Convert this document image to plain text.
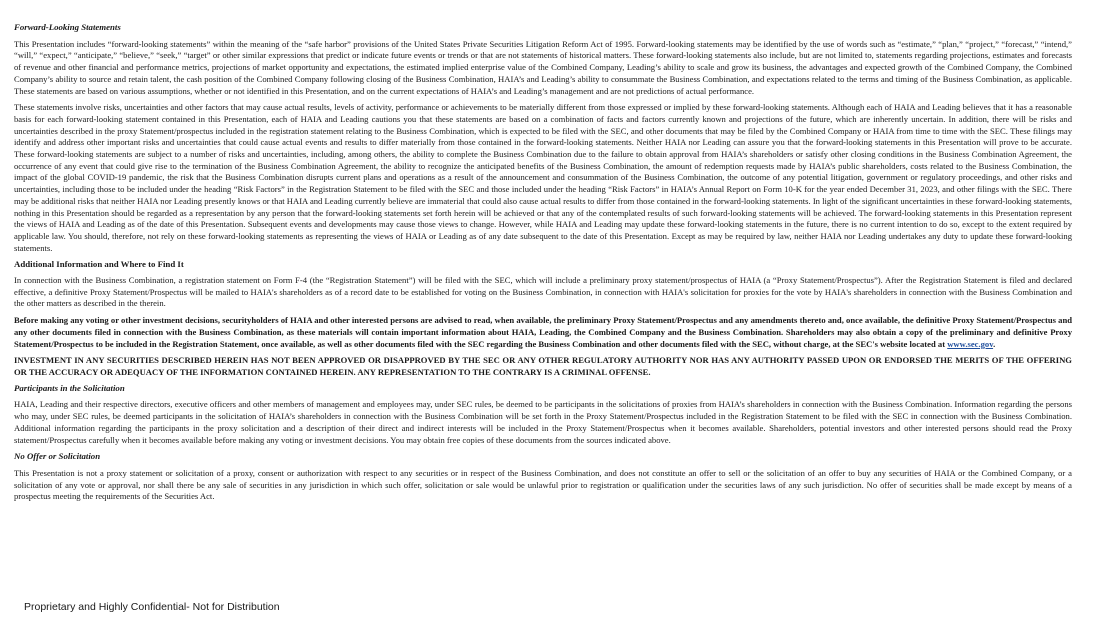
Forward-Looking Statements

This Presentation includes “forward-looking statements” within the meaning of the “safe harbor” provisions of the United States Private Securities Litigation Reform Act of 1995. Forward-looking statements may be identified by the use of words such as “estimate,” “plan,” “project,” “forecast,” “intend,” “will,” “expect,” “anticipate,” “believe,” “seek,” “target” or other similar expressions that predict or indicate future events or trends or that are not statements of historical matters. These forward-looking statements also include, but are not limited to, statements regarding projections, estimates and forecasts of revenue and other financial and performance metrics, projections of market opportunity and expectations, the estimated implied enterprise value of the Combined Company, Leading’s ability to scale and grow its business, the advantages and expected growth of the Combined Company, the Combined Company’s ability to source and retain talent, the cash position of the Combined Company following closing of the Business Combination, HAIA’s and Leading’s ability to consummate the Business Combination, and expectations related to the terms and timing of the Business Combination, as applicable. These statements are based on various assumptions, whether or not identified in this Presentation, and on the current expectations of HAIA’s and Leading’s management and are not predictions of actual performance.

These statements involve risks, uncertainties and other factors that may cause actual results, levels of activity, performance or achievements to be materially different from those expressed or implied by these forward-looking statements. Although each of HAIA and Leading believes that it has a reasonable basis for each forward-looking statement contained in this Presentation, each of HAIA and Leading cautions you that these statements are based on a combination of facts and factors currently known and projections of the future, which are inherently uncertain. In addition, there will be risks and uncertainties described in the proxy Statement/prospectus included in the registration statement relating to the Business Combination, which is expected to be filed with the SEC, and other documents that may be filed by the Combined Company or HAIA from time to time with the SEC. These filings may identify and address other important risks and uncertainties that could cause actual events and results to differ materially from those contained in the forward-looking statements. Neither HAIA nor Leading can assure you that the forward-looking statements in this Presentation will prove to be accurate. These forward-looking statements are subject to a number of risks and uncertainties, including, among others, the ability to complete the Business Combination due to the failure to obtain approval from HAIA’s shareholders or satisfy other closing conditions in the Business Combination Agreement, the occurrence of any event that could give rise to the termination of the Business Combination Agreement, the ability to recognize the anticipated benefits of the Business Combination, the amount of redemption requests made by HAIA’s public shareholders, costs related to the Business Combination, the impact of the global COVID-19 pandemic, the risk that the Business Combination disrupts current plans and operations as a result of the announcement and consummation of the Business Combination, the outcome of any potential litigation, government or regulatory proceedings, and other risks and uncertainties, including those to be included under the heading “Risk Factors” in the Registration Statement to be filed with the SEC and those included under the heading “Risk Factors” in HAIA’s Annual Report on Form 10-K for the year ended December 31, 2023, and other filings with the SEC. There may be additional risks that neither HAIA nor Leading presently knows or that HAIA and Leading currently believe are immaterial that could also cause actual results to differ from those contained in the forward-looking statements. In light of the significant uncertainties in these forward-looking statements, nothing in this Presentation should be regarded as a representation by any person that the forward-looking statements set forth herein will be achieved or that any of the contemplated results of such forward-looking statements will be achieved. The forward-looking statements in this Presentation represent the views of HAIA and Leading as of the date of this Presentation. Subsequent events and developments may cause those views to change. However, while HAIA and Leading may update these forward-looking statements in the future, there is no current intention to do so, except to the extent required by applicable law. You should, therefore, not rely on these forward-looking statements as representing the views of HAIA or Leading as of any date subsequent to the date of this Presentation. Except as may be required by law, neither HAIA nor Leading undertakes any duty to update these forward-looking statements.

Additional Information and Where to Find It

In connection with the Business Combination, a registration statement on Form F-4 (the “Registration Statement”) will be filed with the SEC, which will include a preliminary proxy statement/prospectus of HAIA (a “Proxy Statement/Prospectus”). After the Registration Statement is filed and declared effective, a definitive Proxy Statement/Prospectus will be mailed to HAIA's shareholders as of a record date to be established for voting on the Business Combination, in connection with HAIA's solicitation for proxies for the vote by HAIA's shareholders in connection with the Business Combination and the other matters as described in the therein.

Before making any voting or other investment decisions, securityholders of HAIA and other interested persons are advised to read, when available, the preliminary Proxy Statement/Prospectus and any amendments thereto and, once available, the definitive Proxy Statement/Prospectus and any other documents filed in connection with the Business Combination, as these materials will contain important information about HAIA, Leading, the Combined Company and the Business Combination. Shareholders may also obtain a copy of the preliminary and definitive Proxy Statement/Prospectus to be included in the Registration Statement, once available, as well as other documents filed with the SEC regarding the Business Combination and other documents filed with the SEC, without charge, at the SEC's website located at www.sec.gov.

INVESTMENT IN ANY SECURITIES DESCRIBED HEREIN HAS NOT BEEN APPROVED OR DISAPPROVED BY THE SEC OR ANY OTHER REGULATORY AUTHORITY NOR HAS ANY AUTHORITY PASSED UPON OR ENDORSED THE MERITS OF THE OFFERING OR THE ACCURACY OR ADEQUACY OF THE INFORMATION CONTAINED HEREIN. ANY REPRESENTATION TO THE CONTRARY IS A CRIMINAL OFFENSE.

Participants in the Solicitation

HAIA, Leading and their respective directors, executive officers and other members of management and employees may, under SEC rules, be deemed to be participants in the solicitations of proxies from HAIA’s shareholders in connection with the Business Combination. Information regarding the persons who may, under SEC rules, be deemed participants in the solicitation of HAIA’s shareholders in connection with the Business Combination will be set forth in the Proxy Statement/Prospectus included in the Registration Statement to be filed with the SEC in connection with the Business Combination. Additional information regarding the participants in the proxy solicitation and a description of their direct and indirect interests will be included in the Proxy Statement/Prospectus when it becomes available. Shareholders, potential investors and other interested persons should read the Proxy statement/Prospectus carefully when it becomes available before making any voting or investment decisions. You may obtain free copies of these documents from the sources indicated above.

No Offer or Solicitation

This Presentation is not a proxy statement or solicitation of a proxy, consent or authorization with respect to any securities or in respect of the Business Combination, and does not constitute an offer to sell or the solicitation of an offer to buy any securities of HAIA or the Combined Company, or a solicitation of any vote or approval, nor shall there be any sale of securities in any jurisdiction in which such offer, solicitation or sale would be unlawful prior to registration or qualification under the securities laws of any such jurisdiction. No offer of securities shall be made except by means of a prospectus meeting the requirements of the Securities Act.

Proprietary and Highly Confidential- Not for Distribution
